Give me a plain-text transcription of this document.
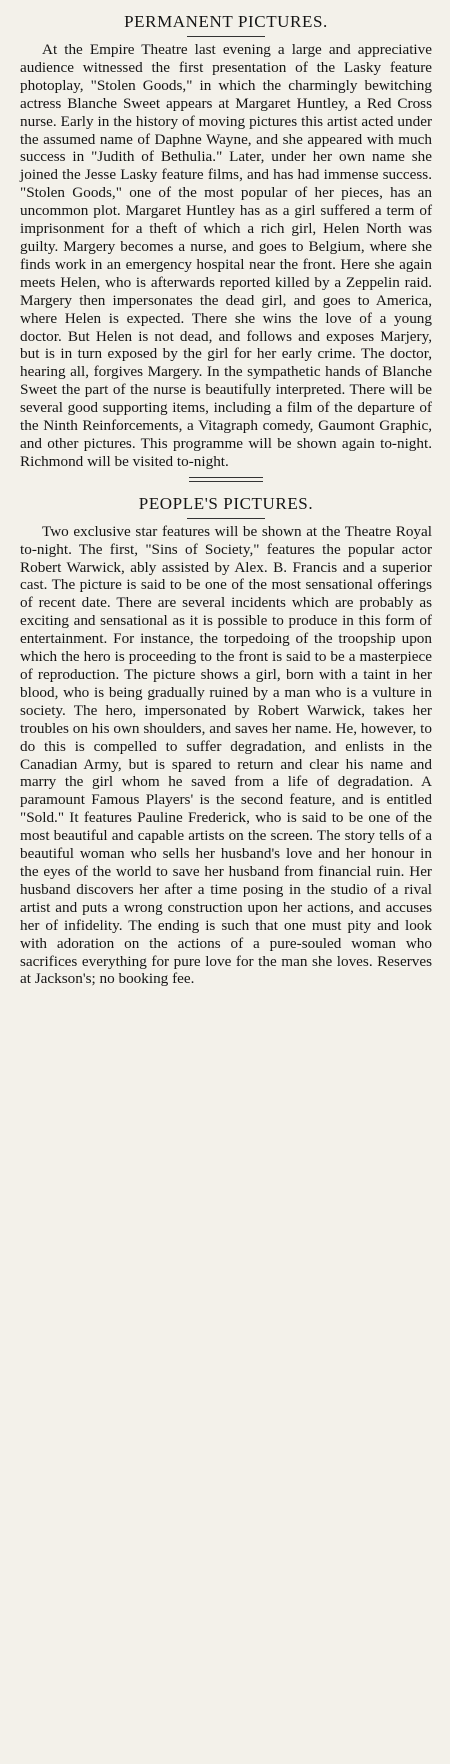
PERMANENT PICTURES.

At the Empire Theatre last evening a large and appreciative audience witnessed the first presentation of the Lasky feature photoplay, "Stolen Goods," in which the charmingly bewitching actress Blanche Sweet appears at Margaret Huntley, a Red Cross nurse. Early in the history of moving pictures this artist acted under the assumed name of Daphne Wayne, and she appeared with much success in "Judith of Bethulia." Later, under her own name she joined the Jesse Lasky feature films, and has had immense success. "Stolen Goods," one of the most popular of her pieces, has an uncommon plot. Margaret Huntley has as a girl suffered a term of imprisonment for a theft of which a rich girl, Helen North was guilty. Margery becomes a nurse, and goes to Belgium, where she finds work in an emergency hospital near the front. Here she again meets Helen, who is afterwards reported killed by a Zeppelin raid. Margery then impersonates the dead girl, and goes to America, where Helen is expected. There she wins the love of a young doctor. But Helen is not dead, and follows and exposes Marjery, but is in turn exposed by the girl for her early crime. The doctor, hearing all, forgives Margery. In the sympathetic hands of Blanche Sweet the part of the nurse is beautifully interpreted. There will be several good supporting items, including a film of the departure of the Ninth Reinforcements, a Vitagraph comedy, Gaumont Graphic, and other pictures. This programme will be shown again to-night. Richmond will be visited to-night.

PEOPLE'S PICTURES.

Two exclusive star features will be shown at the Theatre Royal to-night. The first, "Sins of Society," features the popular actor Robert Warwick, ably assisted by Alex. B. Francis and a superior cast. The picture is said to be one of the most sensational offerings of recent date. There are several incidents which are probably as exciting and sensational as it is possible to produce in this form of entertainment. For instance, the torpedoing of the troopship upon which the hero is proceeding to the front is said to be a masterpiece of reproduction. The picture shows a girl, born with a taint in her blood, who is being gradually ruined by a man who is a vulture in society. The hero, impersonated by Robert Warwick, takes her troubles on his own shoulders, and saves her name. He, however, to do this is compelled to suffer degradation, and enlists in the Canadian Army, but is spared to return and clear his name and marry the girl whom he saved from a life of degradation. A paramount Famous Players' is the second feature, and is entitled "Sold." It features Pauline Frederick, who is said to be one of the most beautiful and capable artists on the screen. The story tells of a beautiful woman who sells her husband's love and her honour in the eyes of the world to save her husband from financial ruin. Her husband discovers her after a time posing in the studio of a rival artist and puts a wrong construction upon her actions, and accuses her of infidelity. The ending is such that one must pity and look with adoration on the actions of a pure-souled woman who sacrifices everything for pure love for the man she loves. Reserves at Jackson's; no booking fee.
